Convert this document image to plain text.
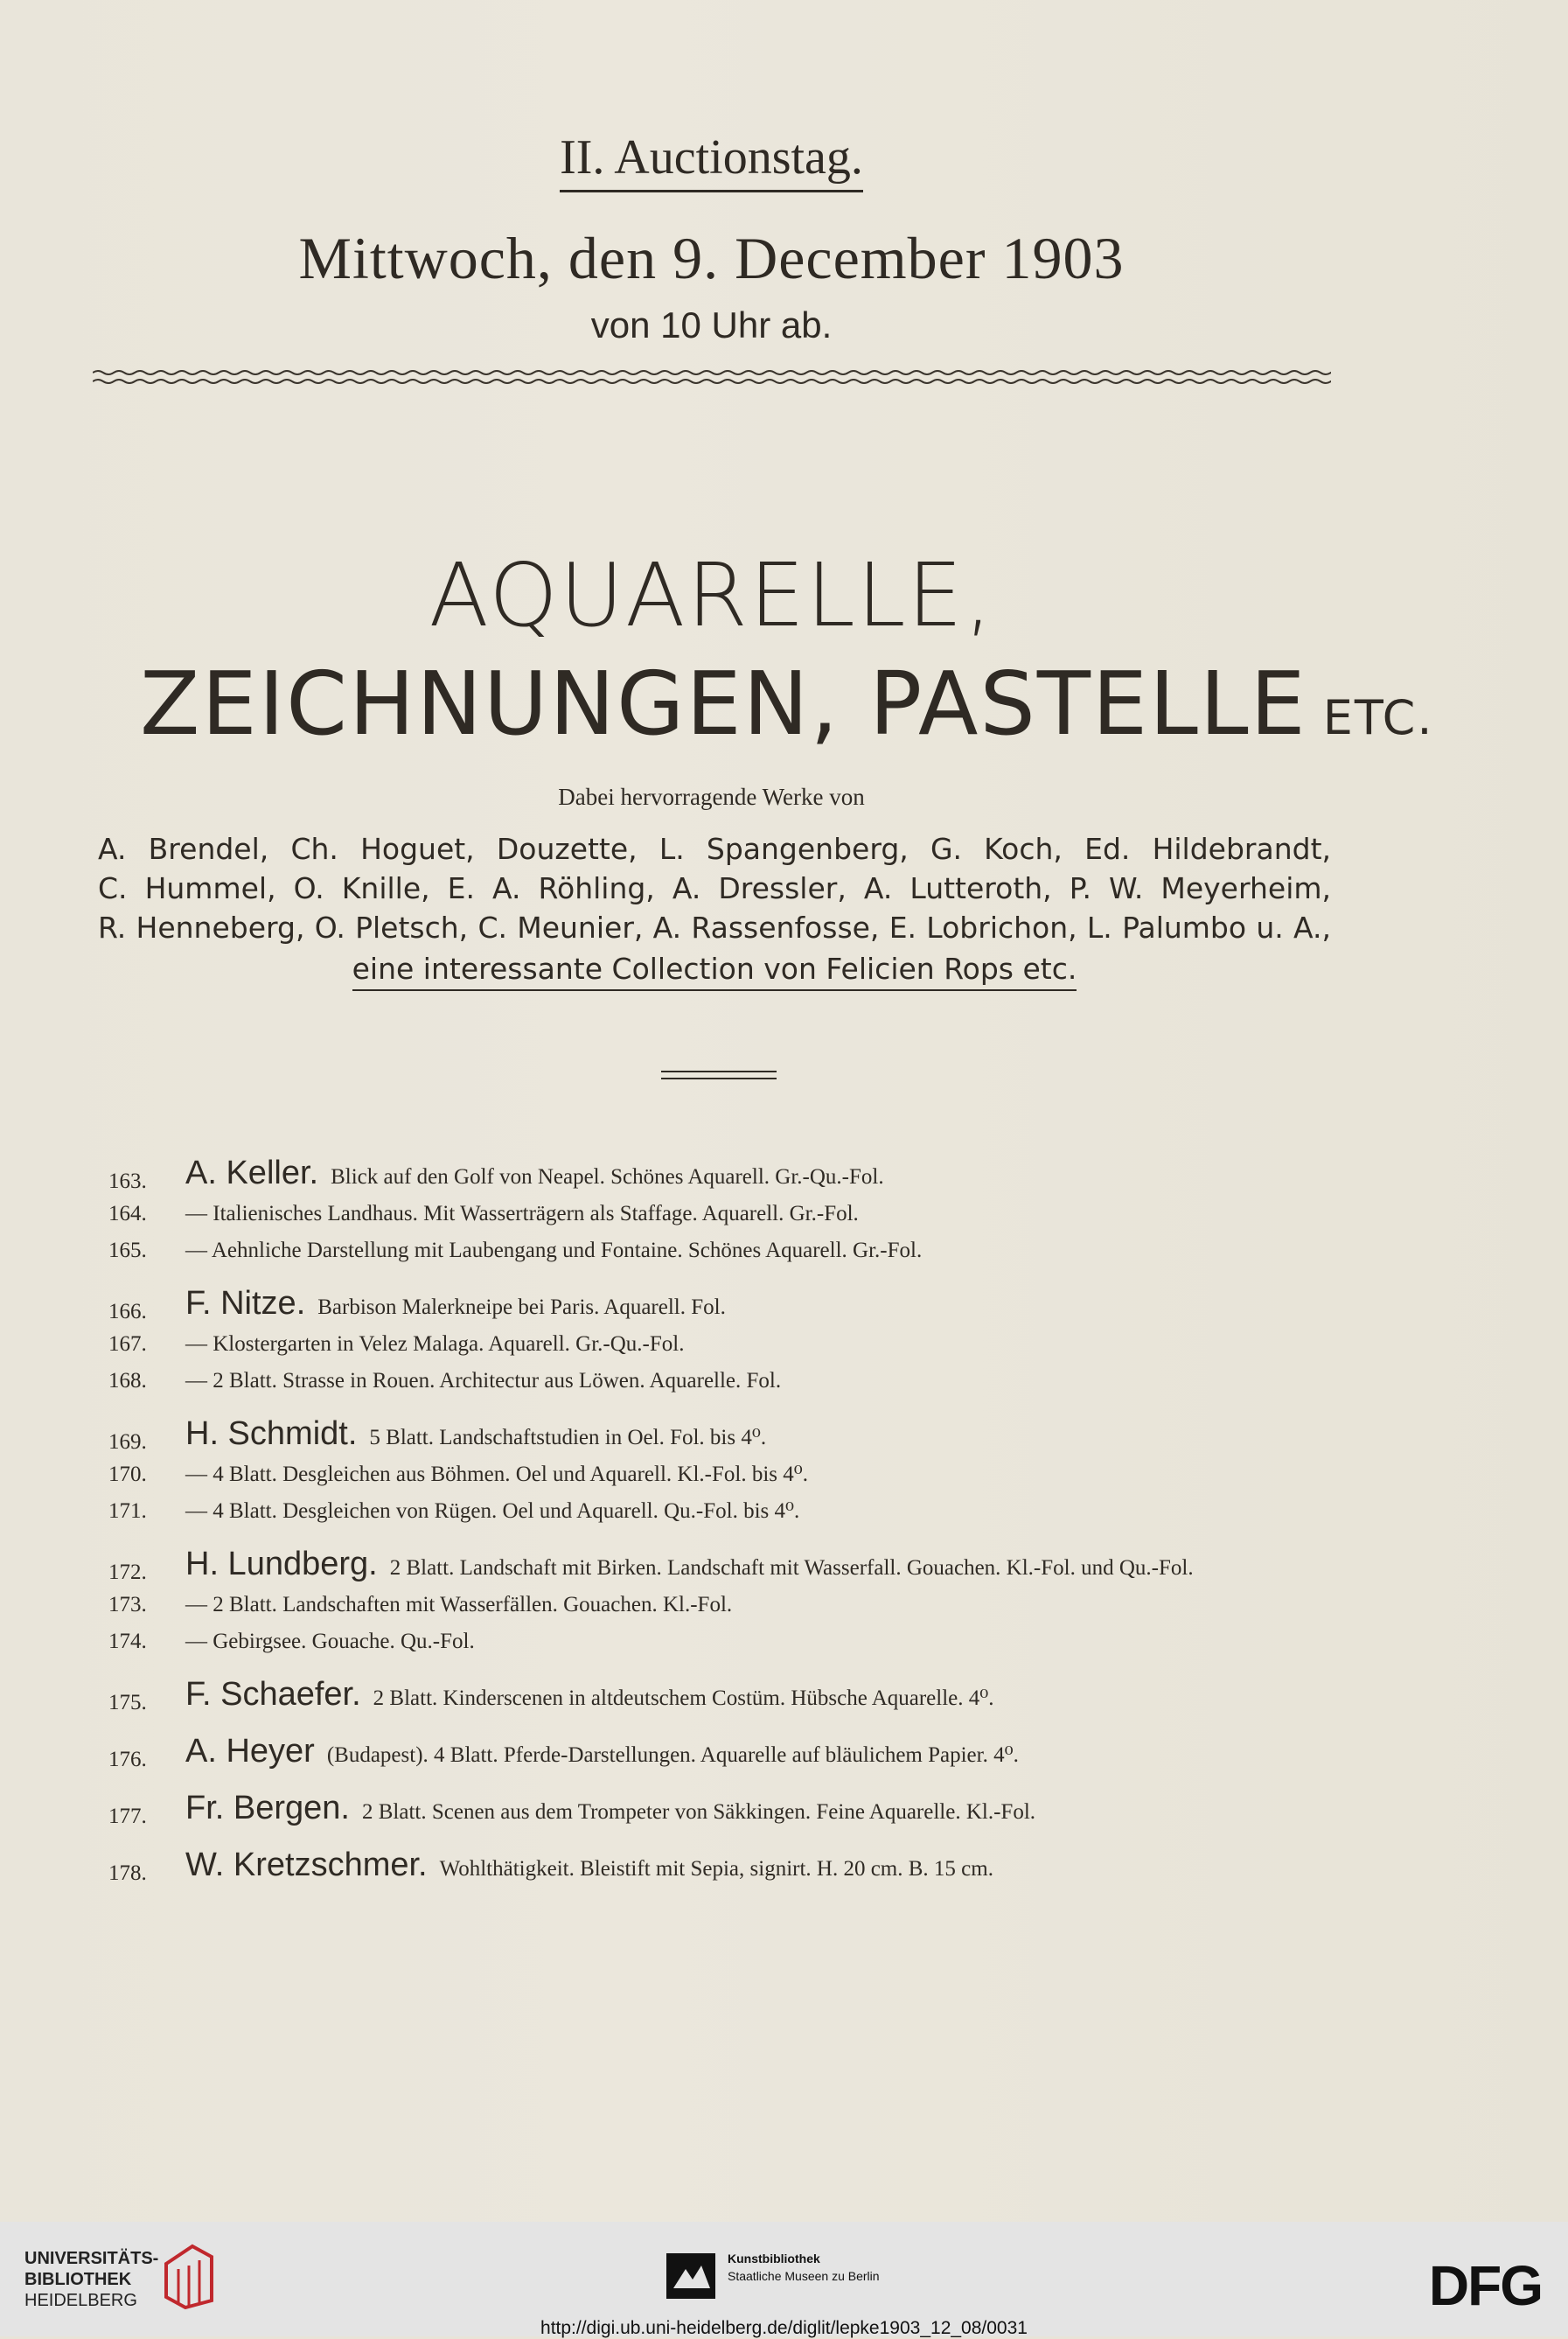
II. Auctionstag.
Mittwoch, den 9. December 1903
von 10 Uhr ab.
AQUARELLE,
ZEICHNUNGEN, PASTELLE ETC.
Dabei hervorragende Werke von
A. Brendel, Ch. Hoguet, Douzette, L. Spangenberg, G. Koch, Ed. Hildebrandt,
C. Hummel, O. Knille, E. A. Röhling, A. Dressler, A. Lutteroth, P. W. Meyerheim,
R. Henneberg, O. Pletsch, C. Meunier, A. Rassenfosse, E. Lobrichon, L. Palumbo u. A.,
eine interessante Collection von Felicien Rops etc.
163.	A. Keller. Blick auf den Golf von Neapel. Schönes Aquarell. Gr.-Qu.-Fol.
164.	— Italienisches Landhaus. Mit Wasserträgern als Staffage. Aquarell. Gr.-Fol.
165.	— Aehnliche Darstellung mit Laubengang und Fontaine. Schönes Aquarell. Gr.-Fol.
166.	F. Nitze. Barbison Malerkneipe bei Paris. Aquarell. Fol.
167.	— Klostergarten in Velez Malaga. Aquarell. Gr.-Qu.-Fol.
168.	— 2 Blatt. Strasse in Rouen. Architectur aus Löwen. Aquarelle. Fol.
169.	H. Schmidt. 5 Blatt. Landschaftstudien in Oel. Fol. bis 4⁰.
170.	— 4 Blatt. Desgleichen aus Böhmen. Oel und Aquarell. Kl.-Fol. bis 4⁰.
171.	— 4 Blatt. Desgleichen von Rügen. Oel und Aquarell. Qu.-Fol. bis 4⁰.
172.	H. Lundberg. 2 Blatt. Landschaft mit Birken. Landschaft mit Wasserfall. Gouachen. Kl.-Fol. und Qu.-Fol.
173.	— 2 Blatt. Landschaften mit Wasserfällen. Gouachen. Kl.-Fol.
174.	— Gebirgsee. Gouache. Qu.-Fol.
175.	F. Schaefer. 2 Blatt. Kinderscenen in altdeutschem Costüm. Hübsche Aquarelle. 4⁰.
176.	A. Heyer (Budapest). 4 Blatt. Pferde-Darstellungen. Aquarelle auf bläulichem Papier. 4⁰.
177.	Fr. Bergen. 2 Blatt. Scenen aus dem Trompeter von Säkkingen. Feine Aquarelle. Kl.-Fol.
178.	W. Kretzschmer. Wohlthätigkeit. Bleistift mit Sepia, signirt. H. 20 cm. B. 15 cm.
UNIVERSITÄTS-
BIBLIOTHEK
HEIDELBERG
Kunstbibliothek
Staatliche Museen zu Berlin	DFG
http://digi.ub.uni-heidelberg.de/diglit/lepke1903_12_08/0031
